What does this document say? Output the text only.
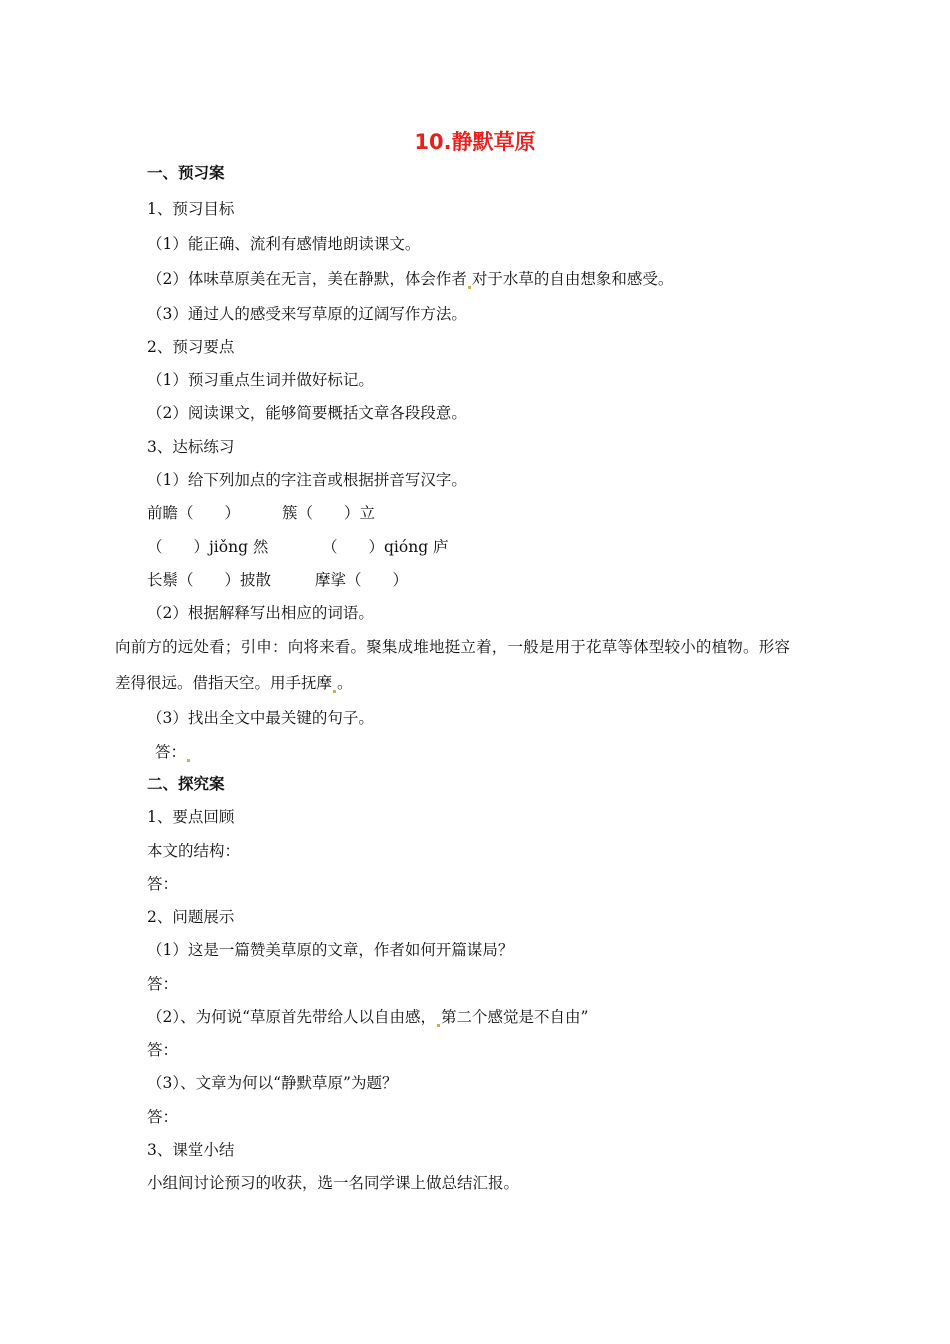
10.静默草原
一、预习案
1、预习目标
（1）能正确、流利有感情地朗读课文。
（2）体味草原美在无言，美在静默，体会作者 对于水草的自由想象和感受。
（3）通过人的感受来写草原的辽阔写作方法。
2、预习要点
（1）预习重点生词并做好标记。
（2）阅读课文，能够简要概括文章各段段意。
3、达标练习
（1）给下列加点的字注音或根据拼音写汉字。
前瞻（　　）	簇（　　）立
（　　）jiǒng 然	（　　）qióng 庐
长鬃（　　）披散	摩挲（　　）
（2）根据解释写出相应的词语。
向前方的远处看；引申：向将来看。聚集成堆地挺立着，一般是用于花草等体型较小的植物。形容
差得很远。借指天空。用手抚摩 。
（3）找出全文中最关键的句子。
答：
二、探究案
1、要点回顾
本文的结构：
答：
2、问题展示
（1）这是一篇赞美草原的文章，作者如何开篇谋局？
答：
（2）、为何说“草原首先带给人以自由感， 第二个感觉是不自由”
答：
（3）、文章为何以“静默草原”为题？
答：
3、课堂小结
小组间讨论预习的收获，选一名同学课上做总结汇报。
